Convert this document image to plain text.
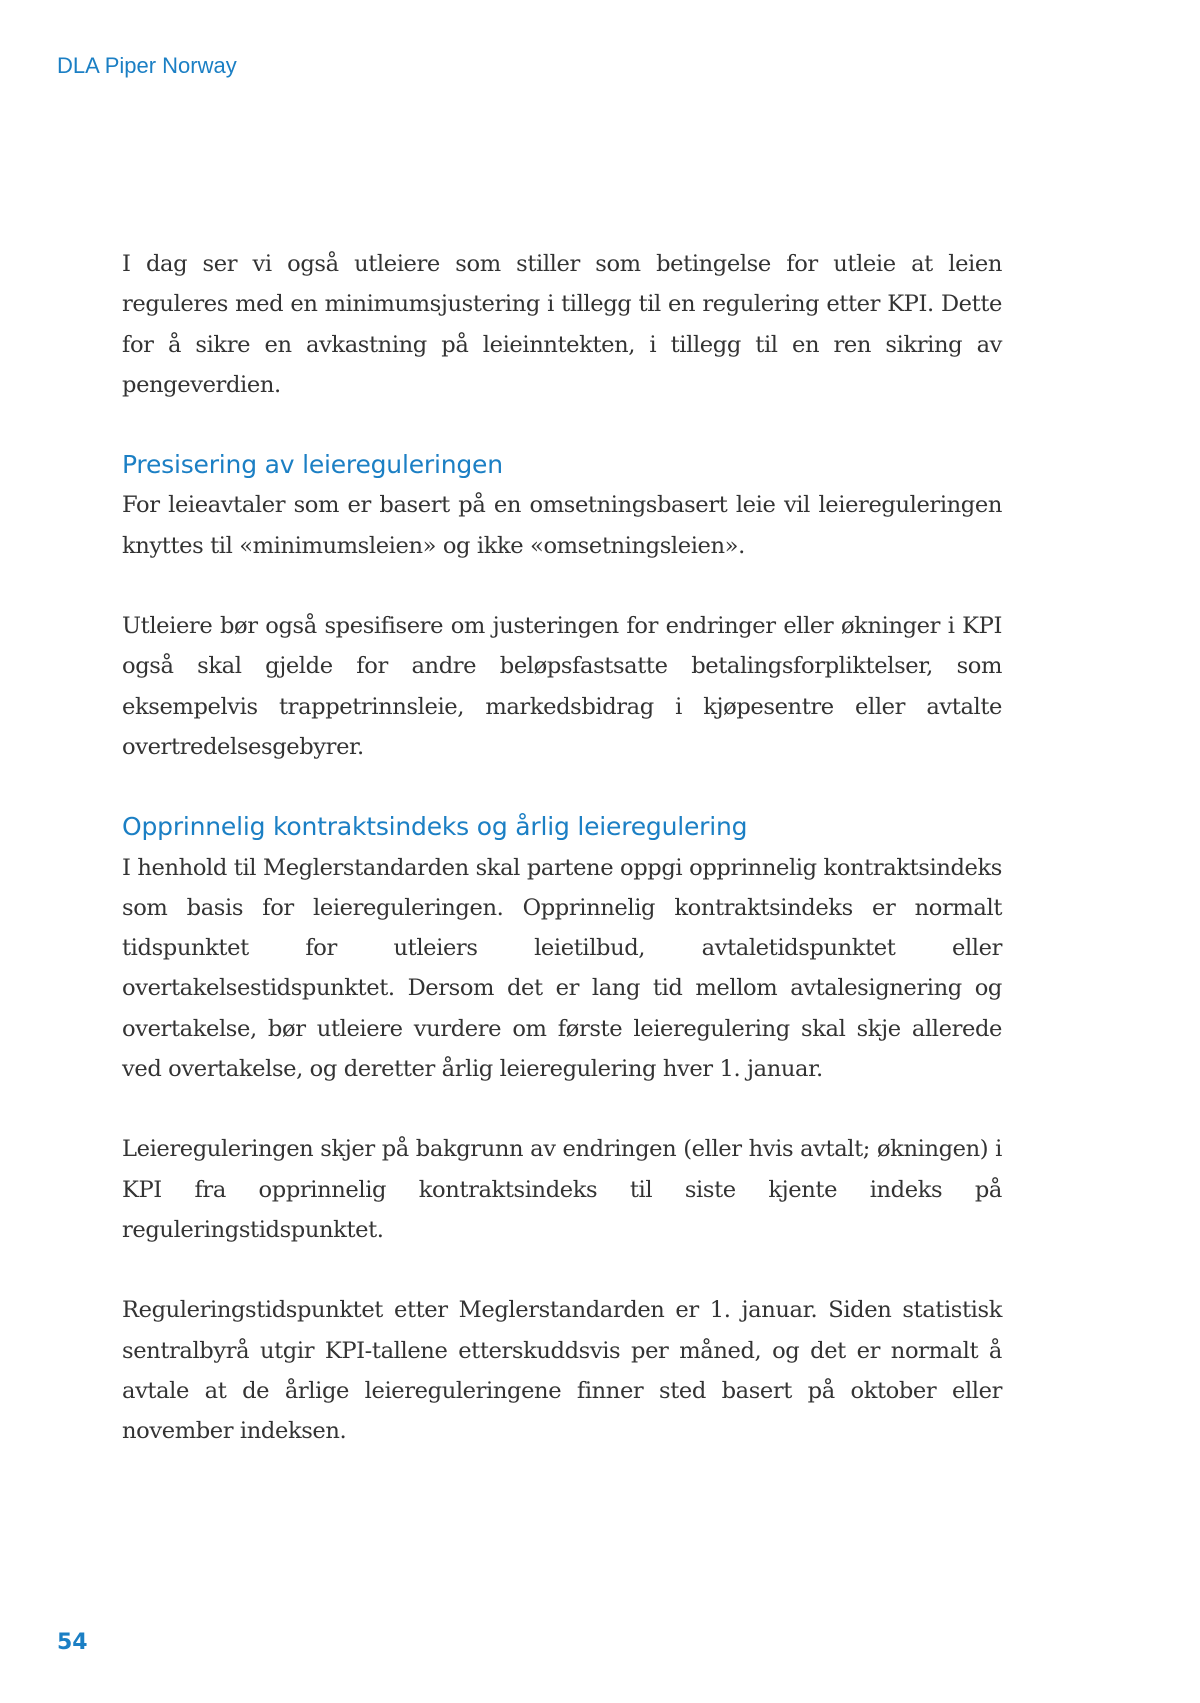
DLA Piper Norway

I dag ser vi også utleiere som stiller som betingelse for utleie at leien reguleres med en minimumsjustering i tillegg til en regulering etter KPI. Dette for å sikre en avkastning på leieinntekten, i tillegg til en ren sikring av pengeverdien.

Presisering av leiereguleringen

For leieavtaler som er basert på en omsetningsbasert leie vil leiereguleringen knyttes til «minimumsleien» og ikke «omsetningsleien».

Utleiere bør også spesifisere om justeringen for endringer eller økninger i KPI også skal gjelde for andre beløpsfastsatte betalingsforpliktelser, som eksempelvis trappetrinnsleie, markedsbidrag i kjøpesentre eller avtalte overtredelsesgebyrer.

Opprinnelig kontraktsindeks og årlig leieregulering

I henhold til Meglerstandarden skal partene oppgi opprinnelig kontraktsindeks som basis for leiereguleringen. Opprinnelig kontraktsindeks er normalt tidspunktet for utleiers leietilbud, avtaletidspunktet eller overtakelsestidspunktet. Dersom det er lang tid mellom avtalesignering og overtakelse, bør utleiere vurdere om første leieregulering skal skje allerede ved overtakelse, og deretter årlig leieregulering hver 1. januar.

Leiereguleringen skjer på bakgrunn av endringen (eller hvis avtalt; økningen) i KPI fra opprinnelig kontraktsindeks til siste kjente indeks på reguleringstidspunktet.

Reguleringstidspunktet etter Meglerstandarden er 1. januar. Siden statistisk sentralbyrå utgir KPI-tallene etterskuddsvis per måned, og det er normalt å avtale at de årlige leiereguleringene finner sted basert på oktober eller november indeksen.

54
